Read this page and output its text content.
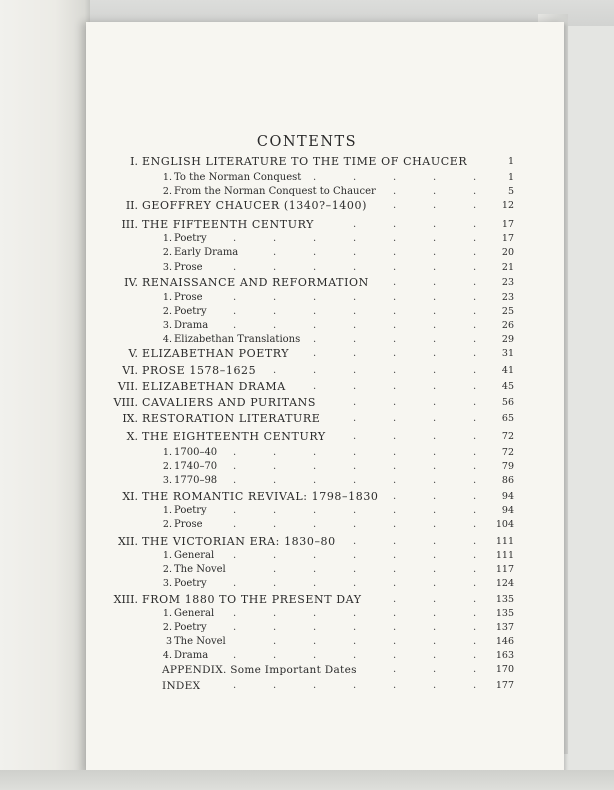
CONTENTS
I. ENGLISH LITERATURE TO THE TIME OF CHAUCER	1
1. To the Norman Conquest	1
.	.	.	.	.
2. From the Norman Conquest to Chaucer	5
.	.	.
II. GEOFFREY CHAUCER (1340?–1400)	12
.	.	.
III. THE FIFTEENTH CENTURY	17
.	.	.	.
1. Poetry	17
.	.	.	.	.	.	.
2. Early Drama	20
.	.	.	.	.	.
3. Prose	21
.	.	.	.	.	.	.
IV. RENAISSANCE AND REFORMATION	23
.	.	.
1. Prose	23
.	.	.	.	.	.	.
2. Poetry	25
.	.	.	.	.	.	.
3. Drama	26
.	.	.	.	.	.	.
4. Elizabethan Translations	29
.	.	.	.	.
V. ELIZABETHAN POETRY	31
.	.	.	.	.
VI. PROSE 1578–1625	41
.	.	.	.	.	.
VII. ELIZABETHAN DRAMA	45
.	.	.	.	.
VIII. CAVALIERS AND PURITANS	56
.	.	.	.
IX. RESTORATION LITERATURE	65
.	.	.	.
X. THE EIGHTEENTH CENTURY	72
.	.	.	.
1. 1700–40	72
.	.	.	.	.	.	.
2. 1740–70	79
.	.	.	.	.	.	.
3. 1770–98	86
.	.	.	.	.	.	.
XI. THE ROMANTIC REVIVAL: 1798–1830	94
.	.	.
1. Poetry	94
.	.	.	.	.	.	.
2. Prose	104
.	.	.	.	.	.	.
XII. THE VICTORIAN ERA: 1830–80	111
.	.	.	.
1. General	111
.	.	.	.	.	.	.
2. The Novel	117
.	.	.	.	.	.
3. Poetry	124
.	.	.	.	.	.	.
XIII. FROM 1880 TO THE PRESENT DAY	135
.	.	.
1. General	135
.	.	.	.	.	.	.
2. Poetry	137
.	.	.	.	.	.	.
3 The Novel	146
.	.	.	.	.	.
4. Drama	163
.	.	.	.	.	.	.
APPENDIX. Some Important Dates	170
.	.	.
INDEX	177
.	.	.	.	.	.	.
